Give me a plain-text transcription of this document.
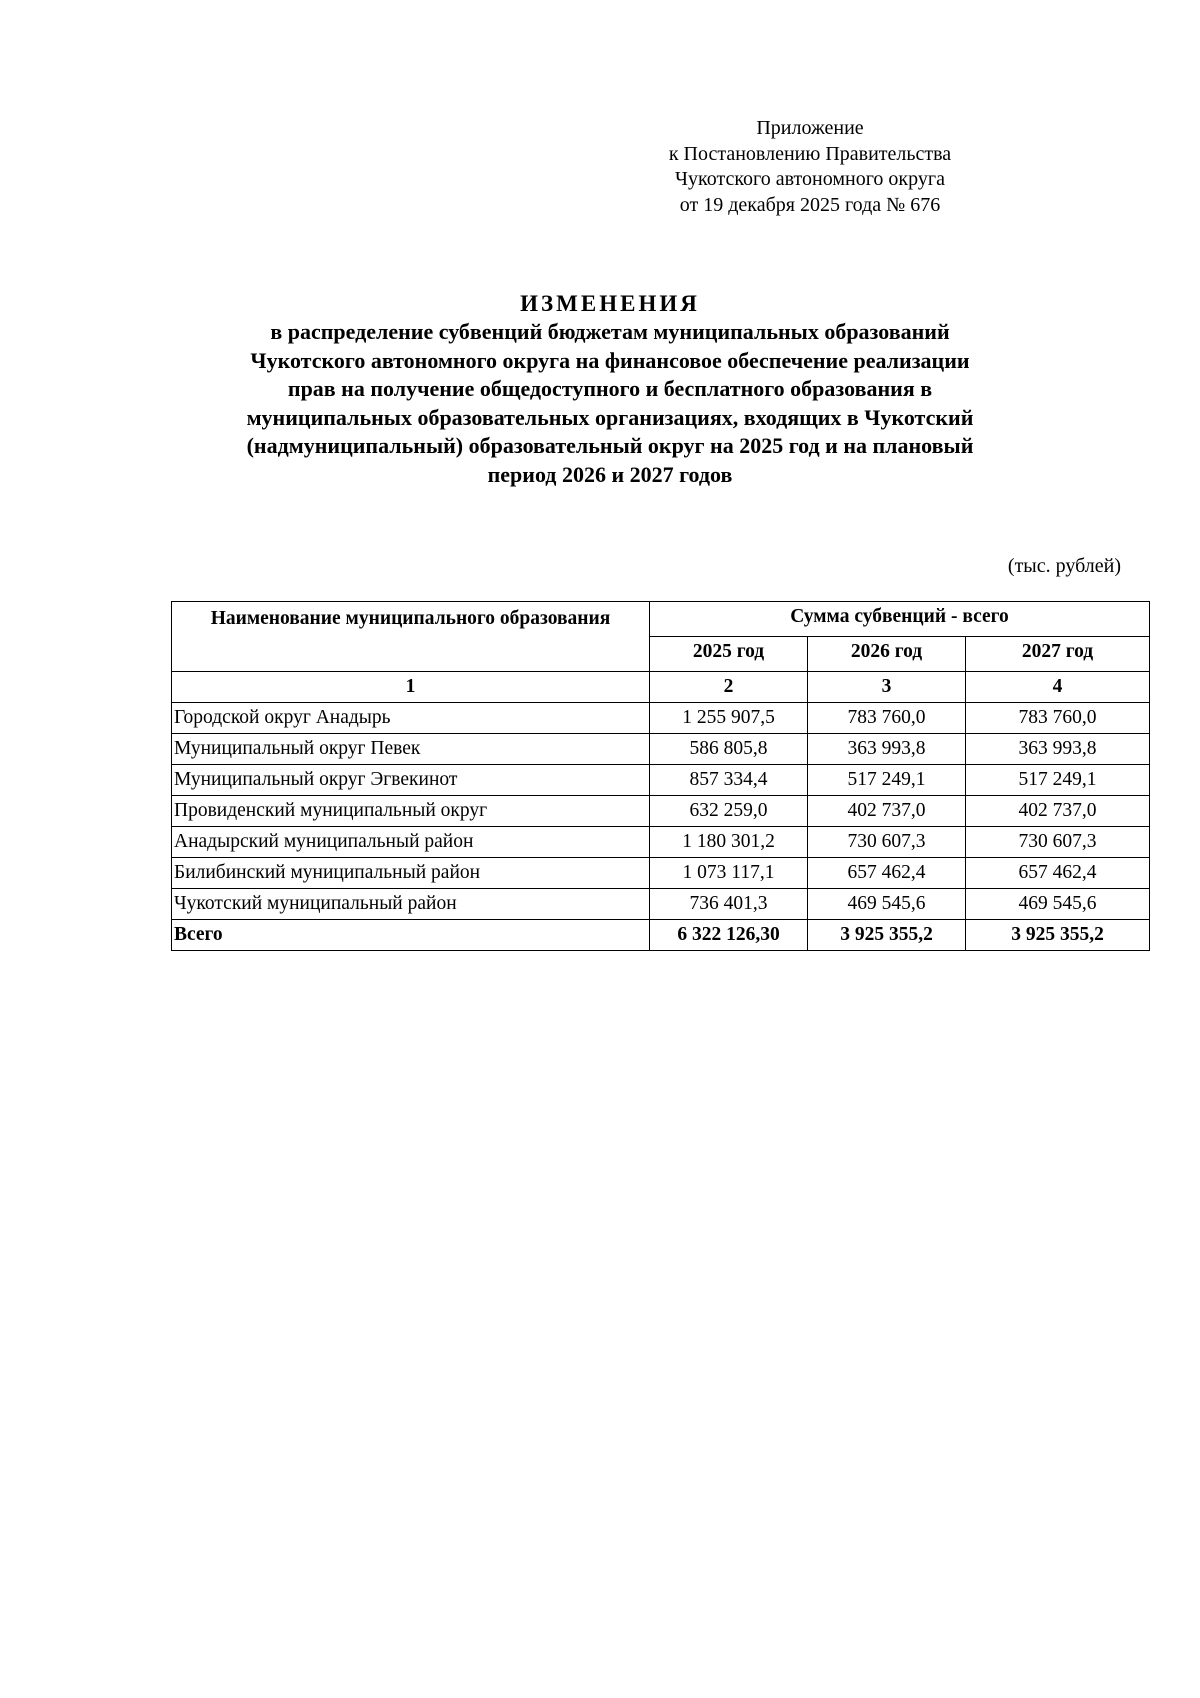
Приложение
к Постановлению Правительства
Чукотского автономного округа
от 19 декабря 2025 года № 676
ИЗМЕНЕНИЯ
в распределение субвенций бюджетам муниципальных образований
Чукотского автономного округа на финансовое обеспечение реализации
прав на получение общедоступного и бесплатного образования в
муниципальных образовательных организациях, входящих в Чукотский
(надмуниципальный) образовательный округ на 2025 год и на плановый
период 2026 и 2027 годов
(тыс. рублей)
Наименование муниципального образования	Сумма субвенций - всего		
	2025 год	2026 год	2027 год
1	2	3	4
Городской округ Анадырь	1 255 907,5	783 760,0	783 760,0
Муниципальный округ Певек	586 805,8	363 993,8	363 993,8
Муниципальный округ Эгвекинот	857 334,4	517 249,1	517 249,1
Провиденский муниципальный округ	632 259,0	402 737,0	402 737,0
Анадырский муниципальный район	1 180 301,2	730 607,3	730 607,3
Билибинский муниципальный район	1 073 117,1	657 462,4	657 462,4
Чукотский муниципальный район	736 401,3	469 545,6	469 545,6
Всего	6 322 126,30	3 925 355,2	3 925 355,2
